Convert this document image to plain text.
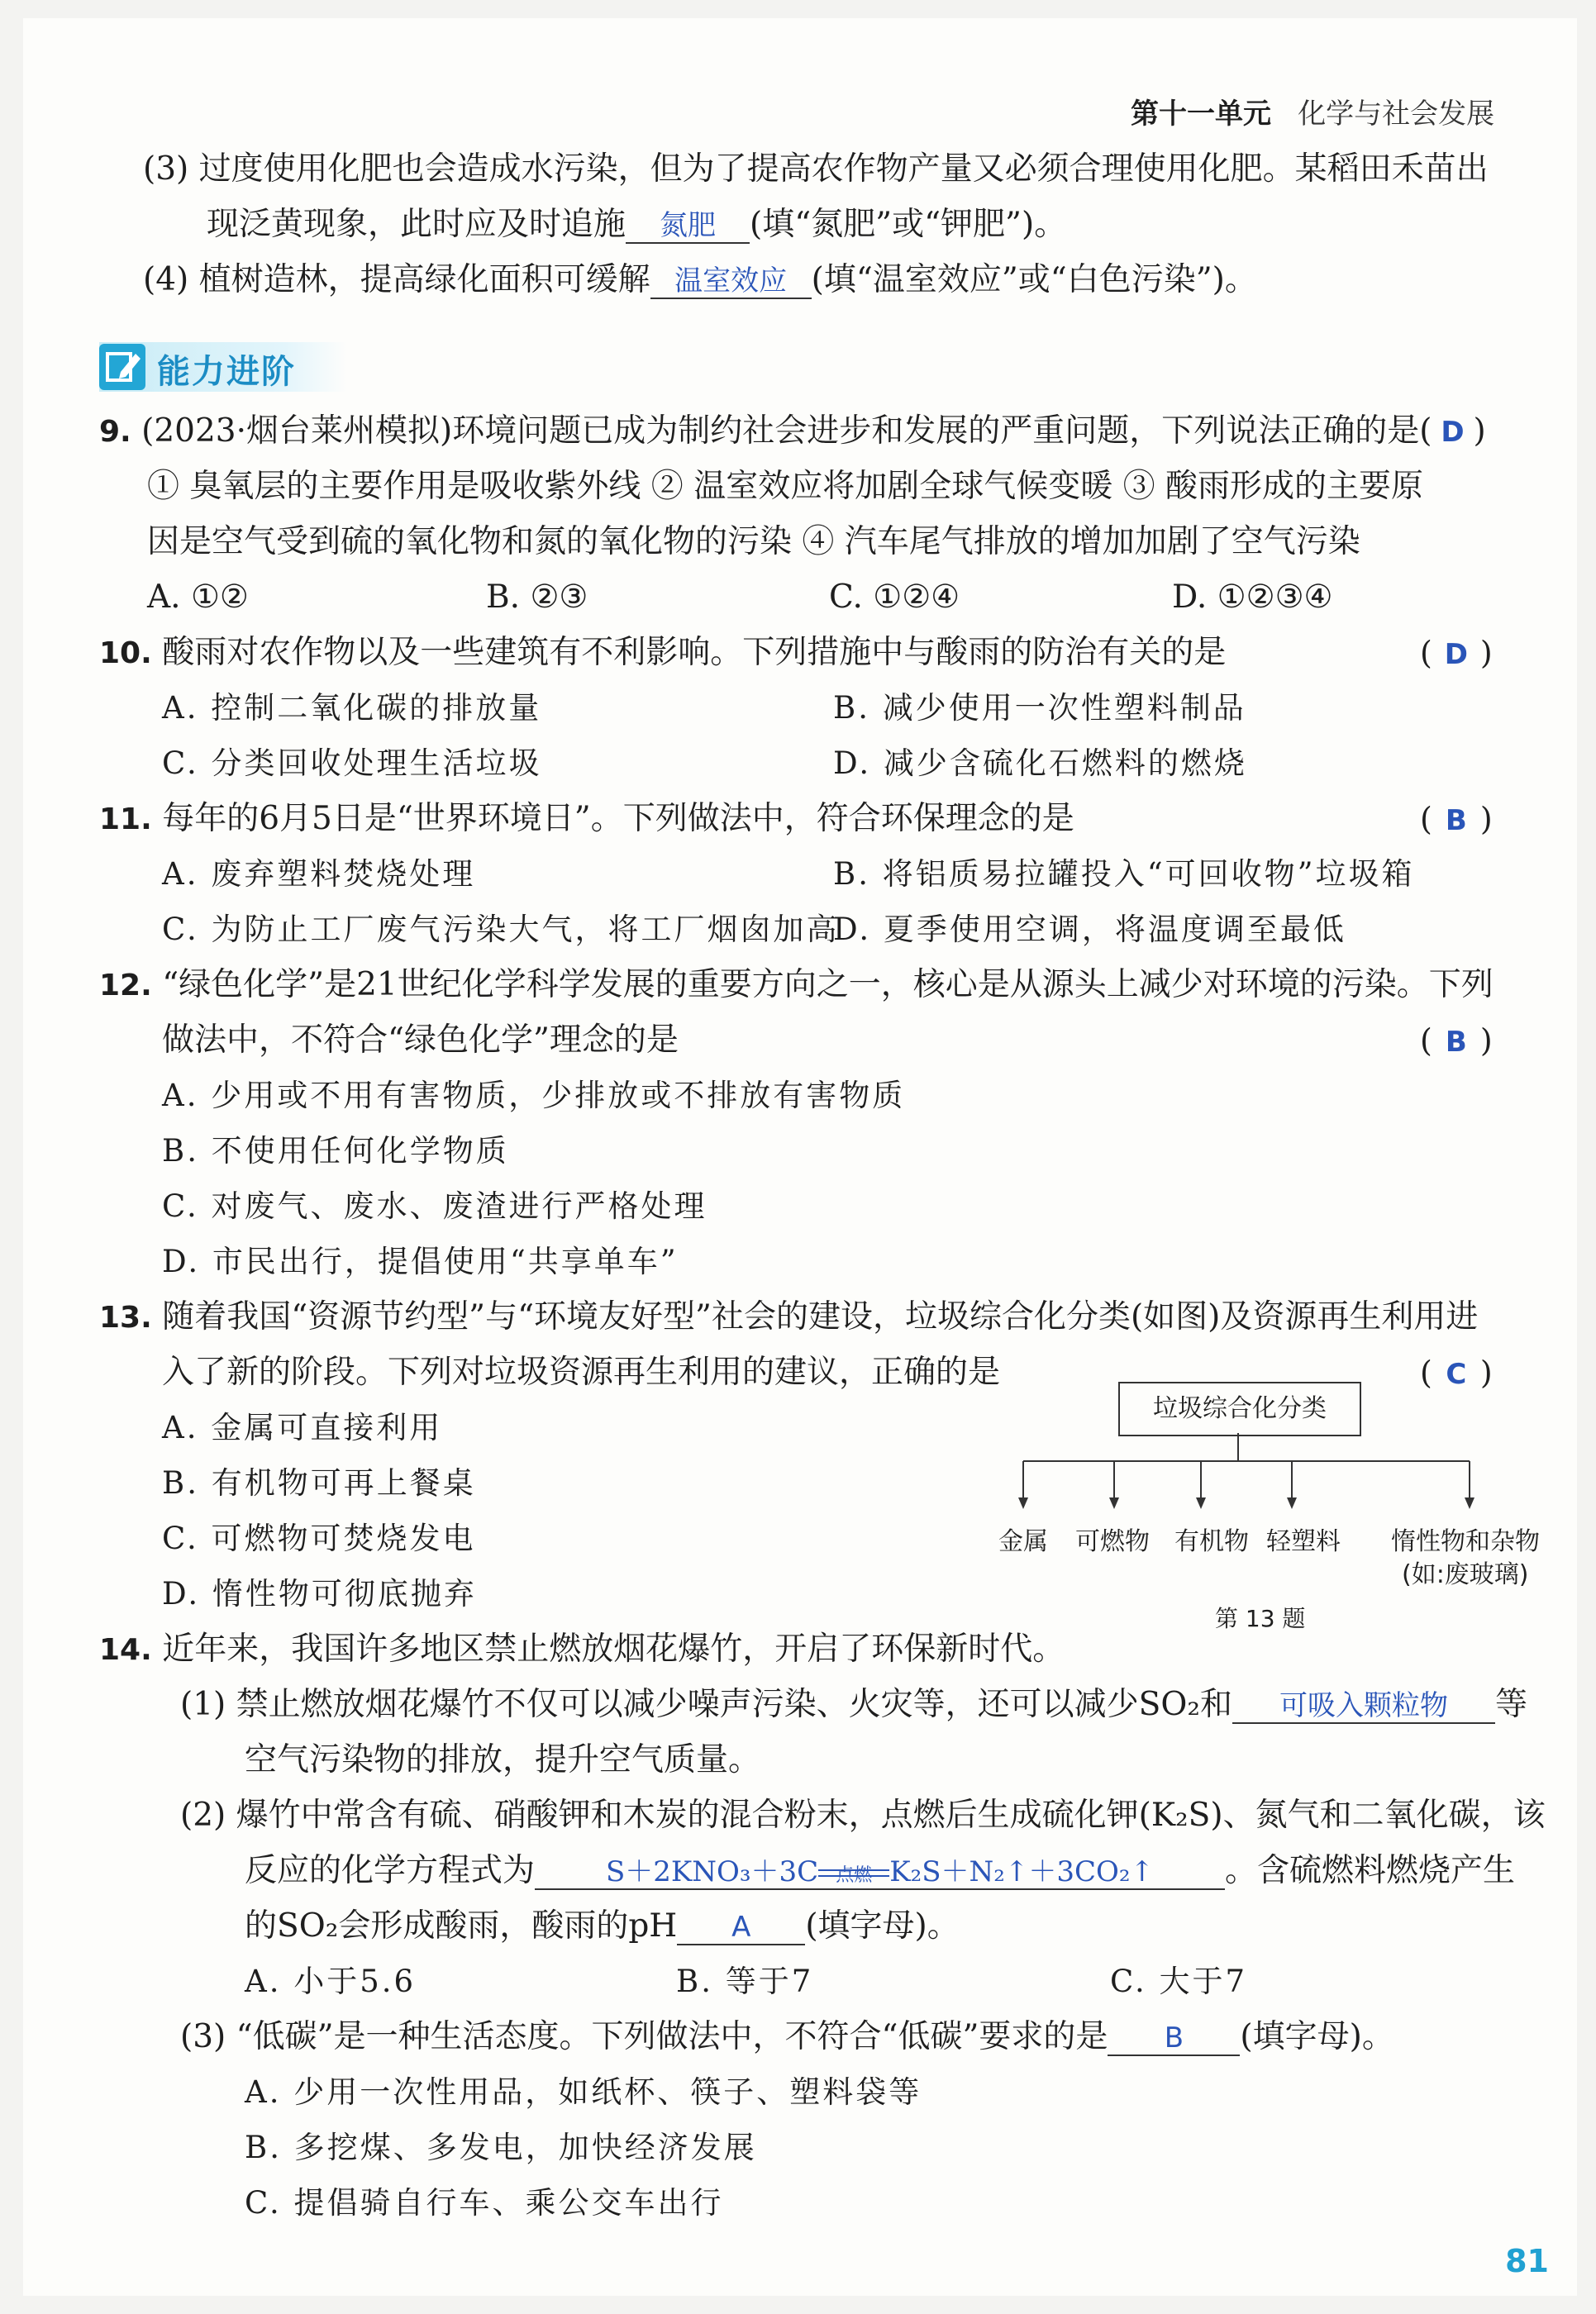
第十一单元 化学与社会发展
(3) 过度使用化肥也会造成水污染，但为了提高农作物产量又必须合理使用化肥。某稻田禾苗出
现泛黄现象，此时应及时追施 氮肥 (填“氮肥”或“钾肥”)。
(4) 植树造林，提高绿化面积可缓解 温室效应 (填“温室效应”或“白色污染”)。
能力进阶
9. (2023·烟台莱州模拟)环境问题已成为制约社会进步和发展的严重问题，下列说法正确的是( D )
① 臭氧层的主要作用是吸收紫外线 ② 温室效应将加剧全球气候变暖 ③ 酸雨形成的主要原
因是空气受到硫的氧化物和氮的氧化物的污染 ④ 汽车尾气排放的增加加剧了空气污染
A. ①②	B. ②③	C. ①②④	D. ①②③④
10. 酸雨对农作物以及一些建筑有不利影响。下列措施中与酸雨的防治有关的是	( D )
A. 控制二氧化碳的排放量	B. 减少使用一次性塑料制品
C. 分类回收处理生活垃圾	D. 减少含硫化石燃料的燃烧
11. 每年的6月5日是“世界环境日”。下列做法中，符合环保理念的是	( B )
A. 废弃塑料焚烧处理	B. 将铝质易拉罐投入“可回收物”垃圾箱
C. 为防止工厂废气污染大气，将工厂烟囱加高
D. 夏季使用空调，将温度调至最低
12. “绿色化学”是21世纪化学科学发展的重要方向之一，核心是从源头上减少对环境的污染。下列
做法中，不符合“绿色化学”理念的是	( B )
A. 少用或不用有害物质，少排放或不排放有害物质
B. 不使用任何化学物质
C. 对废气、废水、废渣进行严格处理
D. 市民出行，提倡使用“共享单车”
13. 随着我国“资源节约型”与“环境友好型”社会的建设，垃圾综合化分类(如图)及资源再生利用进
入了新的阶段。下列对垃圾资源再生利用的建议，正确的是	( C )
A. 金属可直接利用
B. 有机物可再上餐桌
C. 可燃物可焚烧发电
D. 惰性物可彻底抛弃
垃圾综合化分类
金属 可燃物 有机物 轻塑料 惰性物和杂物
(如:废玻璃)
第 13 题
14. 近年来，我国许多地区禁止燃放烟花爆竹，开启了环保新时代。
(1) 禁止燃放烟花爆竹不仅可以减少噪声污染、火灾等，还可以减少SO₂和 可吸入颗粒物 等
空气污染物的排放，提升空气质量。
(2) 爆竹中常含有硫、硝酸钾和木炭的混合粉末，点燃后生成硫化钾(K₂S)、氮气和二氧化碳，该
反应的化学方程式为	S＋2KNO₃＋3C 点燃 K₂S＋N₂↑＋3CO₂↑ 。含硫燃料燃烧产生
的SO₂会形成酸雨，酸雨的pH A (填字母)。
A. 小于5.6	B. 等于7	C. 大于7
(3) “低碳”是一种生活态度。下列做法中，不符合“低碳”要求的是 B (填字母)。
A. 少用一次性用品，如纸杯、筷子、塑料袋等
B. 多挖煤、多发电，加快经济发展
C. 提倡骑自行车、乘公交车出行
81
